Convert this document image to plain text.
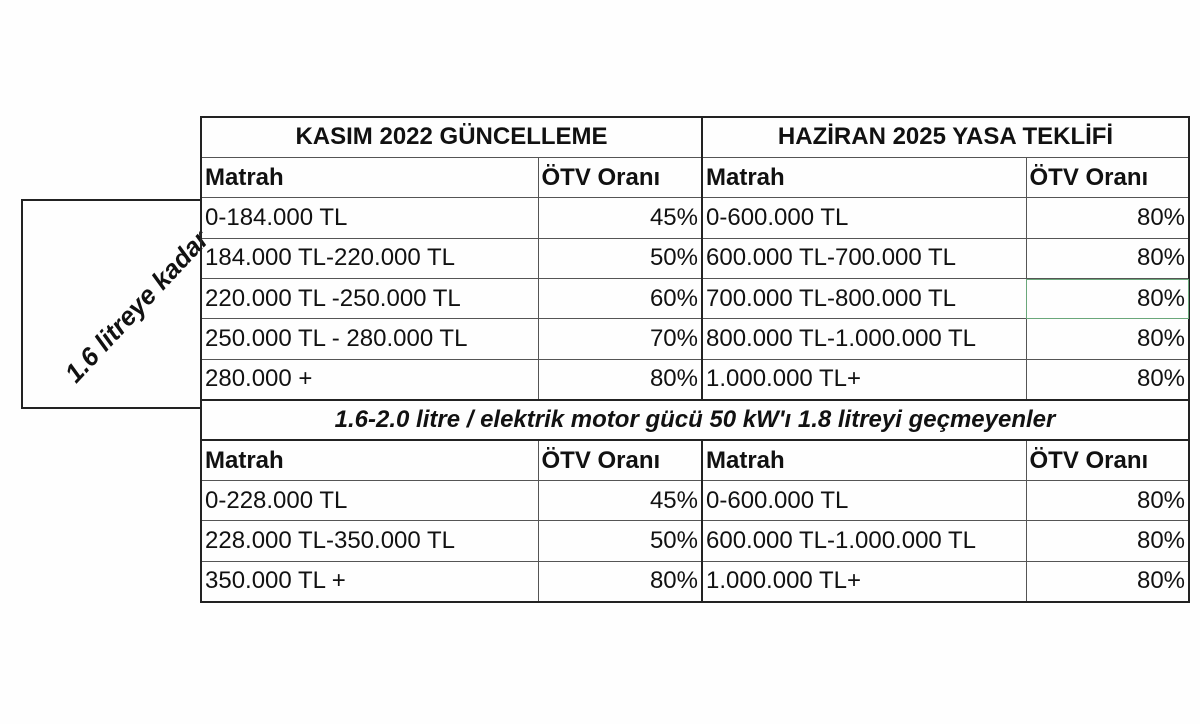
1.6 litreye kadar
KASIM 2022 GÜNCELLEME		HAZİRAN 2025 YASA TEKLİFİ	
Matrah	ÖTV Oranı	Matrah	ÖTV Oranı
0-184.000 TL	45%	0-600.000 TL	80%
184.000 TL-220.000 TL	50%	600.000 TL-700.000 TL	80%
220.000 TL -250.000 TL	60%	700.000 TL-800.000 TL	80%
250.000 TL - 280.000 TL	70%	800.000 TL-1.000.000 TL	80%
280.000 +	80%	1.000.000 TL+	80%
1.6-2.0 litre / elektrik motor gücü 50 kW'ı 1.8 litreyi geçmeyenler			
Matrah	ÖTV Oranı	Matrah	ÖTV Oranı
0-228.000 TL	45%	0-600.000 TL	80%
228.000 TL-350.000 TL	50%	600.000 TL-1.000.000 TL	80%
350.000 TL +	80%	1.000.000 TL+	80%
